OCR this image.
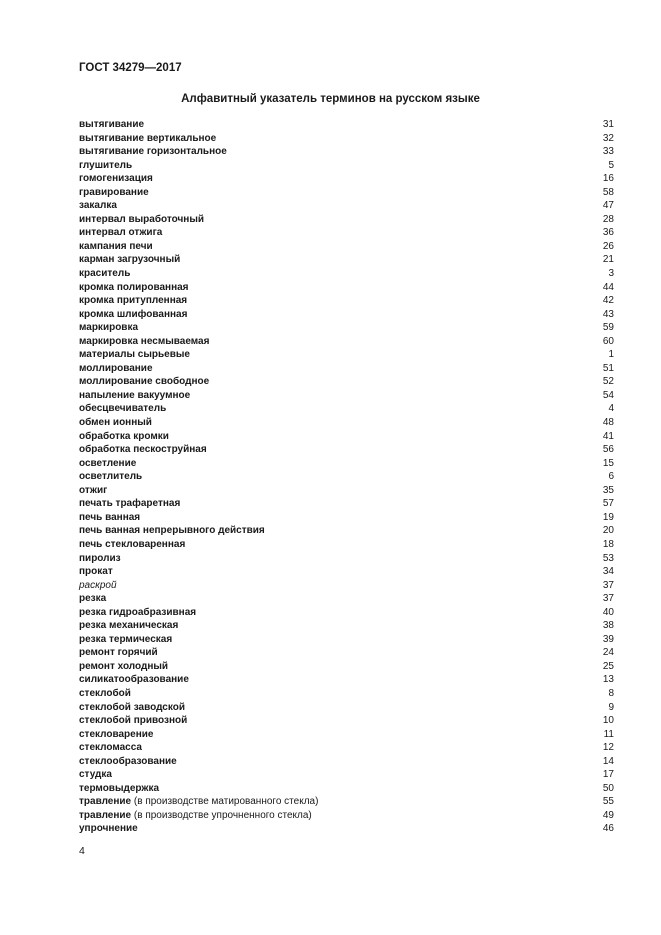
ГОСТ 34279—2017
Алфавитный указатель терминов на русском языке
вытягивание	31
вытягивание вертикальное	32
вытягивание горизонтальное	33
глушитель	5
гомогенизация	16
гравирование	58
закалка	47
интервал выработочный	28
интервал отжига	36
кампания печи	26
карман загрузочный	21
краситель	3
кромка полированная	44
кромка притупленная	42
кромка шлифованная	43
маркировка	59
маркировка несмываемая	60
материалы сырьевые	1
моллирование	51
моллирование свободное	52
напыление вакуумное	54
обесцвечиватель	4
обмен ионный	48
обработка кромки	41
обработка пескоструйная	56
осветление	15
осветлитель	6
отжиг	35
печать трафаретная	57
печь ванная	19
печь ванная непрерывного действия	20
печь стекловаренная	18
пиролиз	53
прокат	34
раскрой	37
резка	37
резка гидроабразивная	40
резка механическая	38
резка термическая	39
ремонт горячий	24
ремонт холодный	25
силикатообразование	13
стеклобой	8
стеклобой заводской	9
стеклобой привозной	10
стекловарение	11
стекломасса	12
стеклообразование	14
студка	17
термовыдержка	50
травление (в производстве матированного стекла)	55
травление (в производстве упрочненного стекла)	49
упрочнение	46
4
